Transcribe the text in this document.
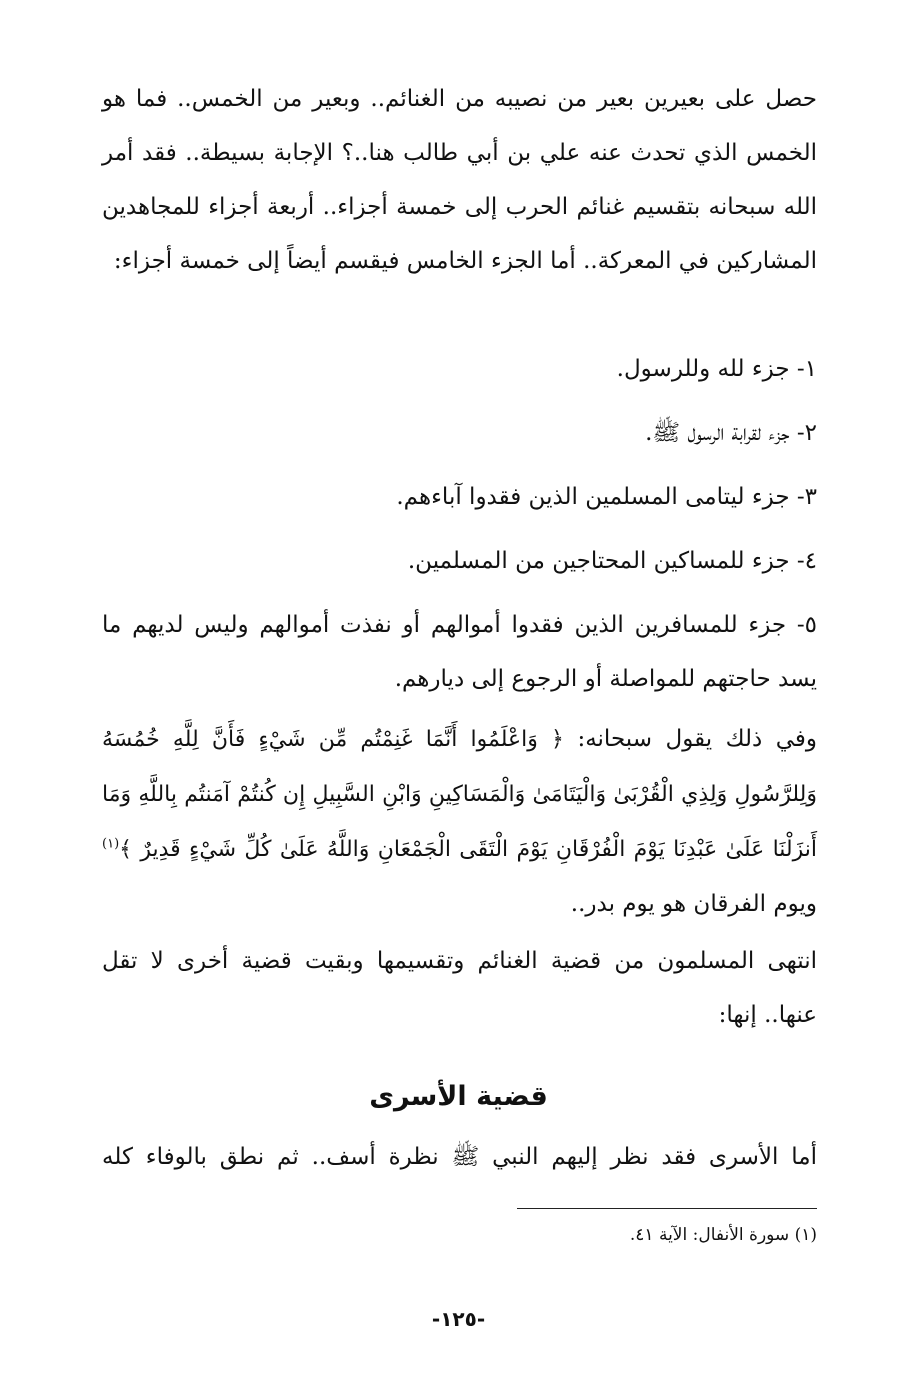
حصل على بعيرين بعير من نصيبه من الغنائم.. وبعير من الخمس.. فما هو الخمس الذي تحدث عنه علي بن أبي طالب هنا..؟ الإجابة بسيطة.. فقد أمر الله سبحانه بتقسيم غنائم الحرب إلى خمسة أجزاء.. أربعة أجزاء للمجاهدين المشاركين في المعركة.. أما الجزء الخامس فيقسم أيضاً إلى خمسة أجزاء:

١- جزء لله وللرسول.
٢- جزء لقرابة الرسول ﷺ.
٣- جزء ليتامى المسلمين الذين فقدوا آباءهم.
٤- جزء للمساكين المحتاجين من المسلمين.
٥- جزء للمسافرين الذين فقدوا أموالهم أو نفذت أموالهم وليس لديهم ما يسد حاجتهم للمواصلة أو الرجوع إلى ديارهم.

وفي ذلك يقول سبحانه: ﴿ وَاعْلَمُوا أَنَّمَا غَنِمْتُم مِّن شَيْءٍ فَأَنَّ لِلَّهِ خُمُسَهُ وَلِلرَّسُولِ وَلِذِي الْقُرْبَىٰ وَالْيَتَامَىٰ وَالْمَسَاكِينِ وَابْنِ السَّبِيلِ إِن كُنتُمْ آمَنتُم بِاللَّهِ وَمَا أَنزَلْنَا عَلَىٰ عَبْدِنَا يَوْمَ الْفُرْقَانِ يَوْمَ الْتَقَى الْجَمْعَانِ وَاللَّهُ عَلَىٰ كُلِّ شَيْءٍ قَدِيرٌ ﴾$^{(١)}$ ويوم الفرقان هو يوم بدر..

انتهى المسلمون من قضية الغنائم وتقسيمها وبقيت قضية أخرى لا تقل عنها.. إنها:

قضية الأسرى

أما الأسرى فقد نظر إليهم النبي ﷺ نظرة أسف.. ثم نطق بالوفاء كله

(١) سورة الأنفال: الآية ٤١.
-١٢٥-
